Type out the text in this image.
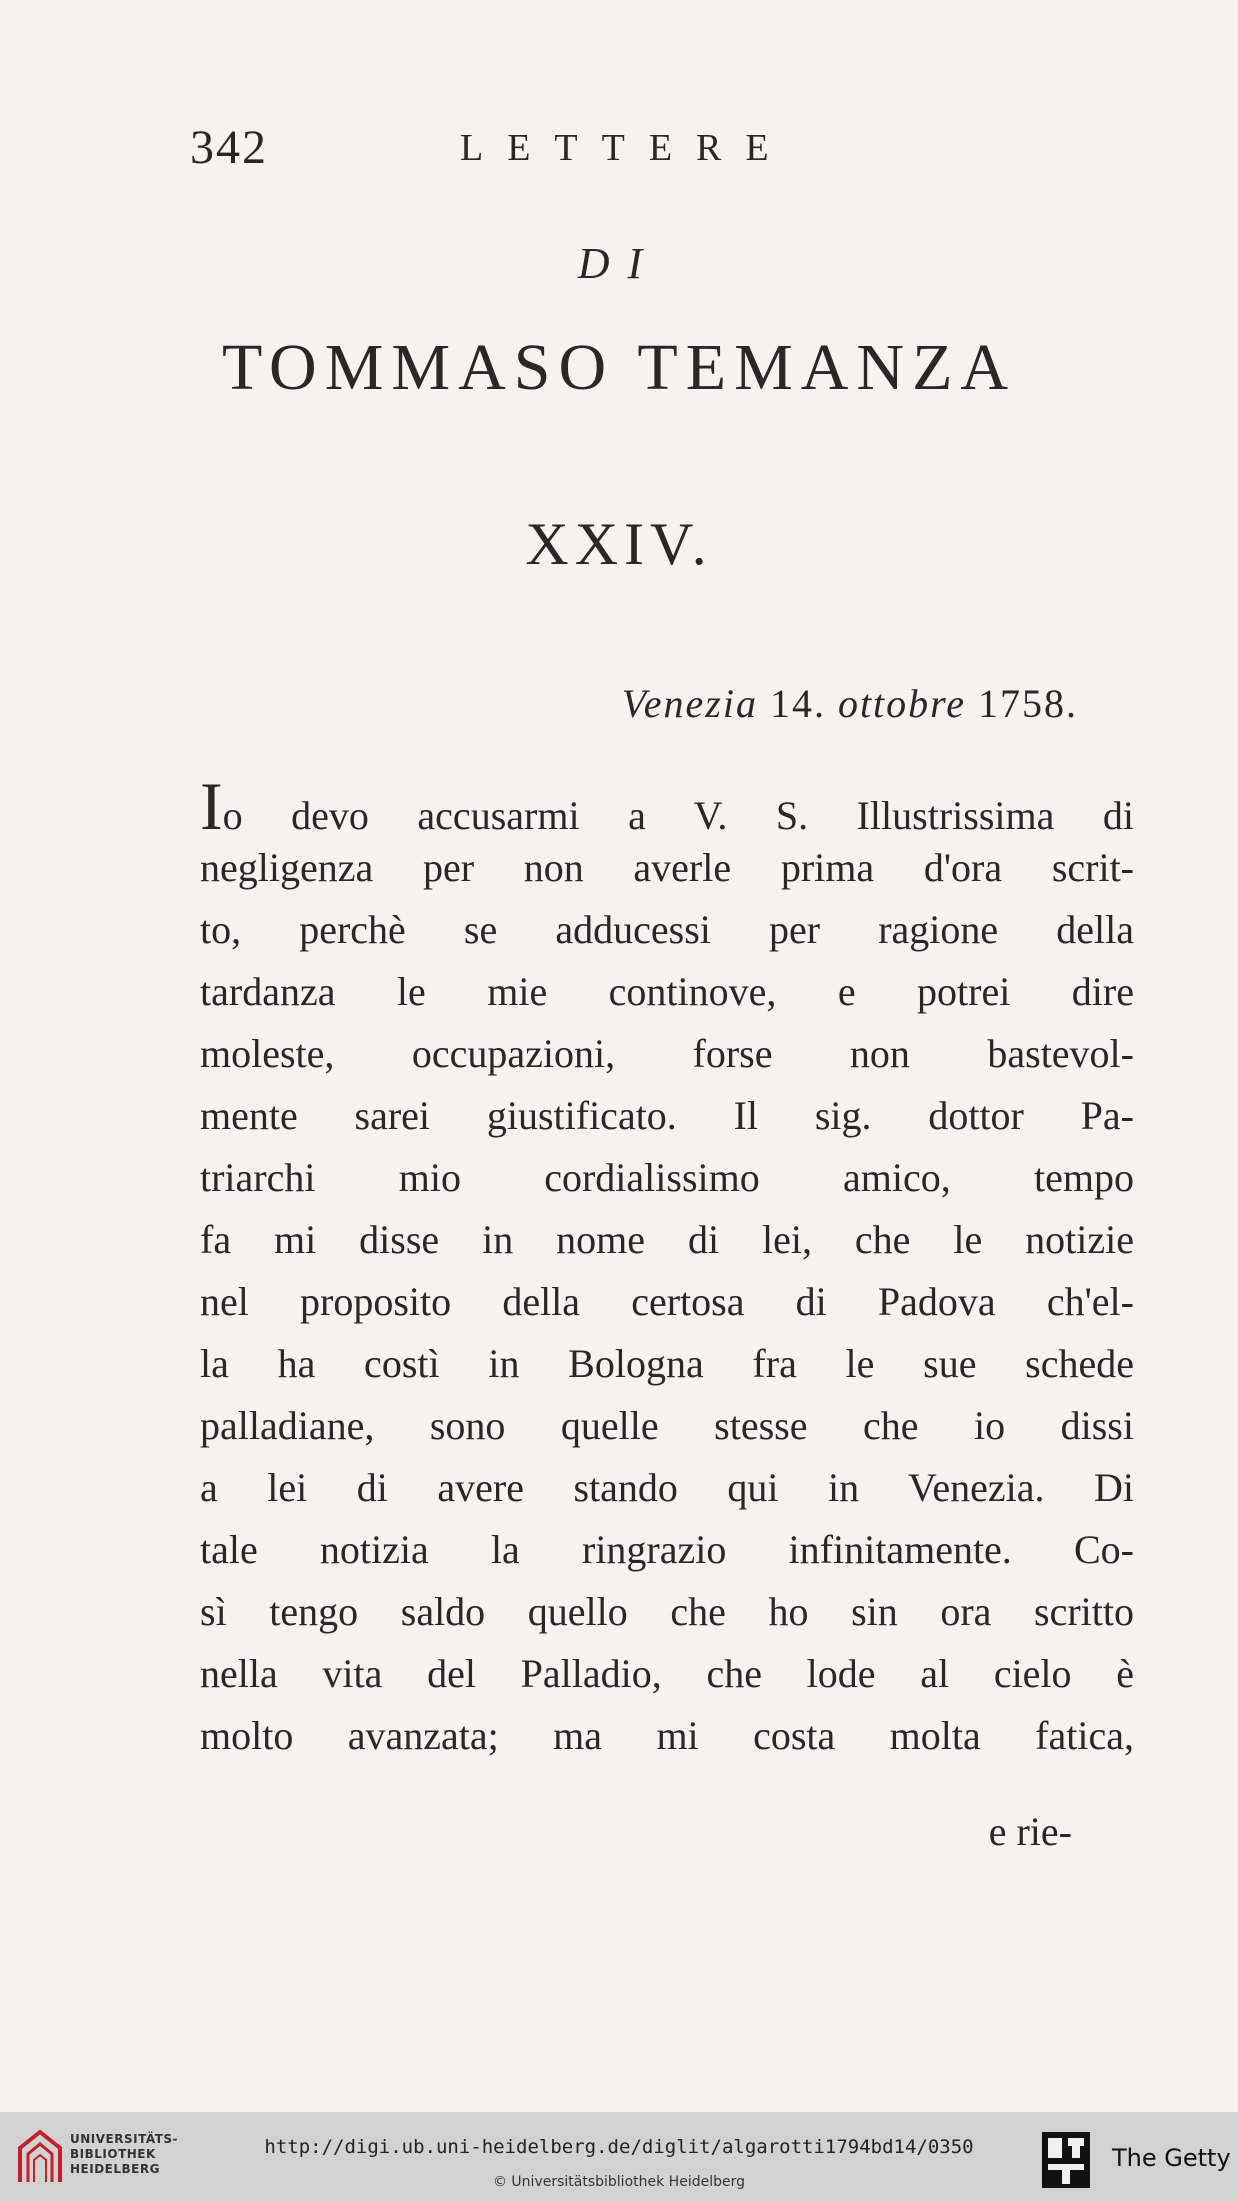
342	LETTERE
DI
TOMMASO TEMANZA
XXIV.
Venezia 14. ottobre 1758.
Io devo accusarmi a V. S. Illustrissima di
negligenza per non averle prima d'ora scrit-
to, perchè se adducessi per ragione della
tardanza le mie continove, e potrei dire
moleste, occupazioni, forse non bastevol-
mente sarei giustificato. Il sig. dottor Pa-
triarchi mio cordialissimo amico, tempo
fa mi disse in nome di lei, che le notizie
nel proposito della certosa di Padova ch'el-
la ha costì in Bologna fra le sue schede
palladiane, sono quelle stesse che io dissi
a lei di avere stando qui in Venezia. Di
tale notizia la ringrazio infinitamente. Co-
sì tengo saldo quello che ho sin ora scritto
nella vita del Palladio, che lode al cielo è
molto avanzata; ma mi costa molta fatica,
e rie-
UNIVERSITÄTS-
BIBLIOTHEK
HEIDELBERG
http://digi.ub.uni-heidelberg.de/diglit/algarotti1794bd14/0350
© Universitätsbibliothek Heidelberg
The Getty
